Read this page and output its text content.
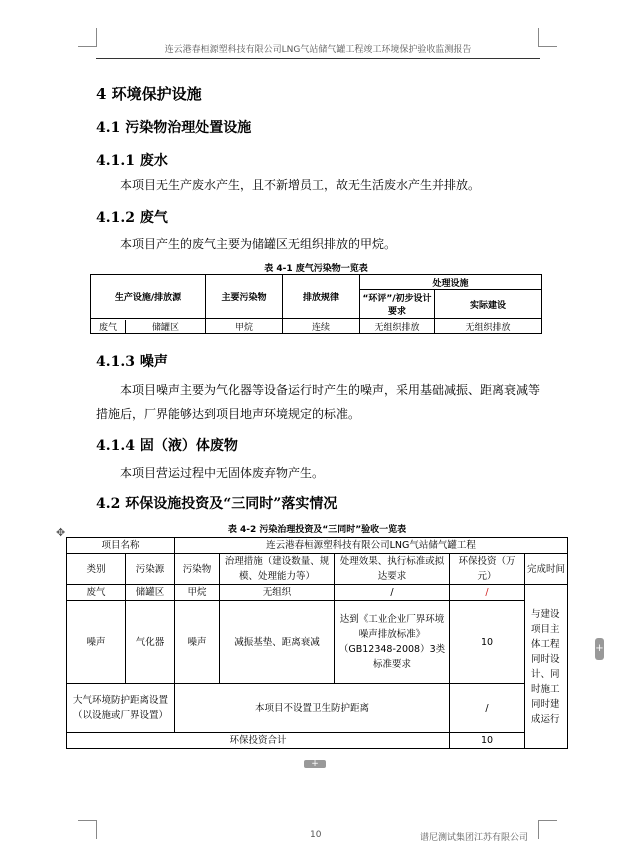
连云港春桓源塑科技有限公司LNG气站储气罐工程竣工环境保护验收监测报告
4 环境保护设施
4.1 污染物治理处置设施
4.1.1 废水
本项目无生产废水产生，且不新增员工，故无生活废水产生并排放。
4.1.2 废气
本项目产生的废气主要为储罐区无组织排放的甲烷。
表 4-1 废气污染物一览表
生产设施/排放源	主要污染物	排放规律	处理设施	
			“环评”/初步设计要求	实际建设

废气 储罐区	甲烷	连续	无组织排放	无组织排放
4.1.3 噪声
本项目噪声主要为气化器等设备运行时产生的噪声，采用基础减振、距离衰减等措施后，厂界能够达到项目地声环境规定的标准。
4.1.4 固（液）体废物
本项目营运过程中无固体废弃物产生。
4.2 环保设施投资及“三同时”落实情况
✥	表 4-2 污染治理投资及“三同时”验收一览表
项目名称		连云港春桓源塑科技有限公司LNG气站储气罐工程				
类别	污染源	污染物	治理措施（建设数量、规模、处理能力等）	处理效果、执行标准或拟达要求	环保投资（万元）	完成时间
废气	储罐区	甲烷	无组织	/	/	与建设项目主体工程同时设计、同时施工同时建成运行
噪声	气化器	噪声	减振基垫、距离衰减	达到《工业企业厂界环境噪声排放标准》（GB12348-2008）3类标准要求	10	
大气环境防护距离设置（以设施或厂界设置）		本项目不设置卫生防护距离			/	
环保投资合计					10	
+
+
10	谱尼测试集团江苏有限公司
